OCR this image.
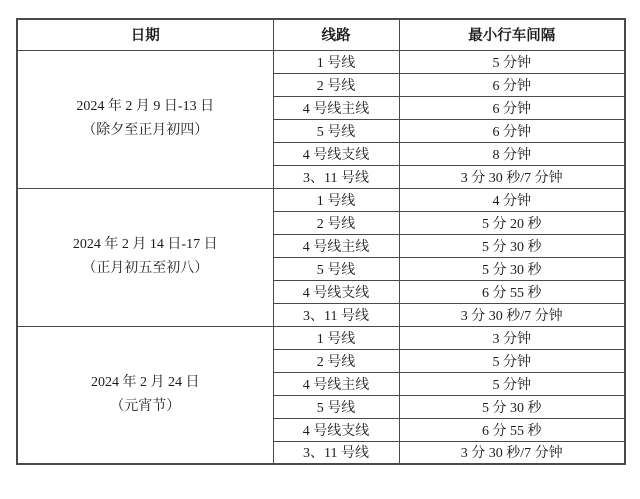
日期	线路	最小行车间隔

2024 年 2 月 9 日-13 日
（除夕至正月初四）	1 号线	5 分钟
	2 号线	6 分钟
	4 号线主线	6 分钟
	5 号线	6 分钟
	4 号线支线	8 分钟
	3、11 号线	3 分 30 秒/7 分钟

2024 年 2 月 14 日-17 日
（正月初五至初八）	1 号线	4 分钟
	2 号线	5 分 20 秒
	4 号线主线	5 分 30 秒
	5 号线	5 分 30 秒
	4 号线支线	6 分 55 秒
	3、11 号线	3 分 30 秒/7 分钟

2024 年 2 月 24 日
（元宵节）	1 号线	3 分钟
	2 号线	5 分钟
	4 号线主线	5 分钟
	5 号线	5 分 30 秒
	4 号线支线	6 分 55 秒
	3、11 号线	3 分 30 秒/7 分钟
